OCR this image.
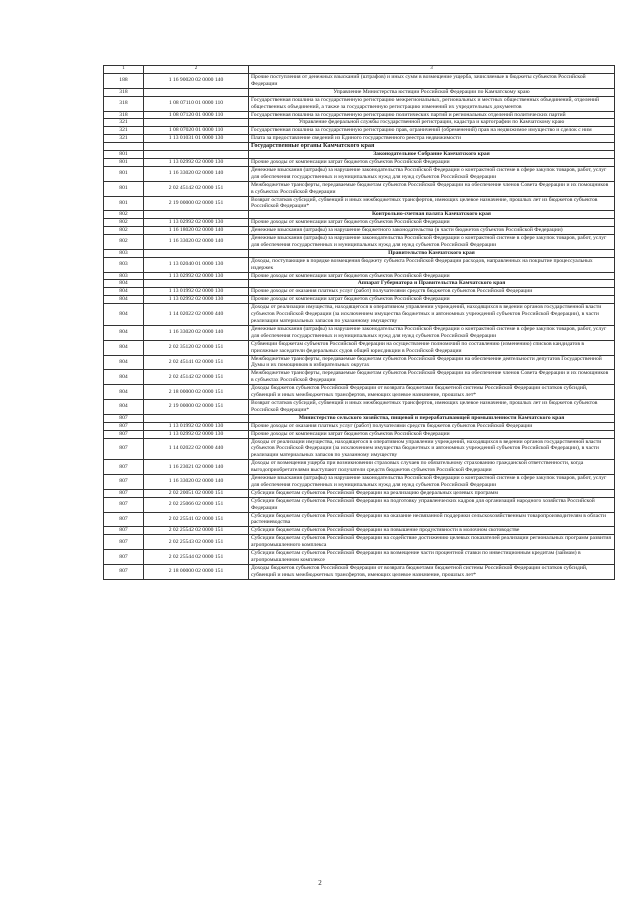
1	2	3
188	1 16 90020 02 0000 140	Прочие поступления от денежных взысканий (штрафов) и иных сумм в возмещение ущерба, зачисляемые в бюджеты субъектов Российской Федерации
318		Управление Министерства юстиции Российской Федерации по Камчатскому краю
318	1 08 07110 01 0000 110	Государственная пошлина за государственную регистрацию межрегиональных, региональных и местных общественных объединений, отделений общественных объединений, а также за государственную регистрацию изменений их учредительных документов
318	1 08 07120 01 0000 110	Государственная пошлина за государственную регистрацию политических партий и региональных отделений политических партий
321		Управление федеральной службы государственной регистрации, кадастра и картографии по Камчатскому краю
321	1 08 07020 01 0000 110	Государственная пошлина за государственную регистрацию прав, ограничений (обременений) прав на недвижимое имущество и сделок с ним
321	1 13 01031 01 0000 130	Плата за предоставление сведений из Единого государственного реестра недвижимости
		Государственные органы Камчатского края
801		Законодательное Собрание Камчатского края
801	1 13 02992 02 0000 130	Прочие доходы от компенсации затрат бюджетов субъектов Российской Федерации
801	1 16 33020 02 0000 140	Денежные взыскания (штрафы) за нарушение законодательства Российской Федерации о контрактной системе в сфере закупок товаров, работ, услуг для обеспечения государственных и муниципальных нужд для нужд субъектов Российской Федерации
801	2 02 45142 02 0000 151	Межбюджетные трансферты, передаваемые бюджетам субъектов Российской Федерации на обеспечение членов Совета Федерации и их помощников в субъектах Российской Федерации
801	2 19 00000 02 0000 151	Возврат остатков субсидий, субвенций и иных межбюджетных трансфертов, имеющих целевое назначение, прошлых лет из бюджетов субъектов Российской Федерации*
802		Контрольно-счетная палата Камчатского края
802	1 13 02992 02 0000 130	Прочие доходы от компенсации затрат бюджетов субъектов Российской Федерации
802	1 16 18020 02 0000 140	Денежные взыскания (штрафы) за нарушение бюджетного законодательства (в части бюджетов субъектов Российской Федерации)
802	1 16 33020 02 0000 140	Денежные взыскания (штрафы) за нарушение законодательства Российской Федерации о контрактной системе в сфере закупок товаров, работ, услуг для обеспечения государственных и муниципальных нужд для нужд субъектов Российской Федерации
803		Правительство Камчатского края
803	1 13 02040 01 0000 130	Доходы, поступающие в порядке возмещения бюджету субъекта Российской Федерации расходов, направленных на покрытие процессуальных издержек
803	1 13 02992 02 0000 130	Прочие доходы от компенсации затрат бюджетов субъектов Российской Федерации
804		Аппарат Губернатора и Правительства Камчатского края
804	1 13 01992 02 0000 130	Прочие доходы от оказания платных услуг (работ) получателями средств бюджетов субъектов Российской Федерации
804	1 13 02992 02 0000 130	Прочие доходы от компенсации затрат бюджетов субъектов Российской Федерации
804	1 14 02022 02 0000 440	Доходы от реализации имущества, находящегося в оперативном управлении учреждений, находящихся в ведении органов государственной власти субъектов Российской Федерации (за исключением имущества бюджетных и автономных учреждений субъектов Российской Федерации), в части реализации материальных запасов по указанному имуществу
804	1 16 33020 02 0000 140	Денежные взыскания (штрафы) за нарушение законодательства Российской Федерации о контрактной системе в сфере закупок товаров, работ, услуг для обеспечения государственных и муниципальных нужд для нужд субъектов Российской Федерации
804	2 02 35120 02 0000 151	Субвенции бюджетам субъектов Российской Федерации на осуществление полномочий по составлению (изменению) списков кандидатов в присяжные заседатели федеральных судов общей юрисдикции в Российской Федерации
804	2 02 45141 02 0000 151	Межбюджетные трансферты, передаваемые бюджетам субъектов Российской Федерации на обеспечение деятельности депутатов Государственной Думы и их помощников в избирательных округах
804	2 02 45142 02 0000 151	Межбюджетные трансферты, передаваемые бюджетам субъектов Российской Федерации на обеспечение членов Совета Федерации и их помощников в субъектах Российской Федерации
804	2 18 00000 02 0000 151	Доходы бюджетов субъектов Российской Федерации от возврата бюджетами бюджетной системы Российской Федерации остатков субсидий, субвенций и иных межбюджетных трансфертов, имеющих целевое назначение, прошлых лет*
804	2 19 00000 02 0000 151	Возврат остатков субсидий, субвенций и иных межбюджетных трансфертов, имеющих целевое назначение, прошлых лет из бюджетов субъектов Российской Федерации*
807		Министерство сельского хозяйства, пищевой и перерабатывающей промышленности Камчатского края
807	1 13 01992 02 0000 130	Прочие доходы от оказания платных услуг (работ) получателями средств бюджетов субъектов Российской Федерации
807	1 13 02992 02 0000 130	Прочие доходы от компенсации затрат бюджетов субъектов Российской Федерации
807	1 14 02022 02 0000 440	Доходы от реализации имущества, находящегося в оперативном управлении учреждений, находящихся в ведении органов государственной власти субъектов Российской Федерации (за исключением имущества бюджетных и автономных учреждений субъектов Российской Федерации), в части реализации материальных запасов по указанному имуществу
807	1 16 23021 02 0000 140	Доходы от возмещения ущерба при возникновении страховых случаев по обязательному страхованию гражданской ответственности, когда выгодоприобретателями выступают получатели средств бюджетов субъектов Российской Федерации
807	1 16 33020 02 0000 140	Денежные взыскания (штрафы) за нарушение законодательства Российской Федерации о контрактной системе в сфере закупок товаров, работ, услуг для обеспечения государственных и муниципальных нужд для нужд субъектов Российской Федерации
807	2 02 20051 02 0000 151	Субсидии бюджетам субъектов Российской Федерации на реализацию федеральных целевых программ
807	2 02 25066 02 0000 151	Субсидии бюджетам субъектов Российской Федерации на подготовку управленческих кадров для организаций народного хозяйства Российской Федерации
807	2 02 25541 02 0000 151	Субсидии бюджетам субъектов Российской Федерации на оказание несвязанной поддержки сельскохозяйственным товаропроизводителям в области растениеводства
807	2 02 25542 02 0000 151	Субсидии бюджетам субъектов Российской Федерации на повышение продуктивности в молочном скотоводстве
807	2 02 25543 02 0000 151	Субсидии бюджетам субъектов Российской Федерации на содействие достижению целевых показателей реализации региональных программ развития агропромышленного комплекса
807	2 02 25544 02 0000 151	Субсидии бюджетам субъектов Российской Федерации на возмещение части процентной ставки по инвестиционным кредитам (займам) в агропромышленном комплексе
807	2 18 00000 02 0000 151	Доходы бюджетов субъектов Российской Федерации от возврата бюджетами бюджетной системы Российской Федерации остатков субсидий, субвенций и иных межбюджетных трансфертов, имеющих целевое назначение, прошлых лет*
2
